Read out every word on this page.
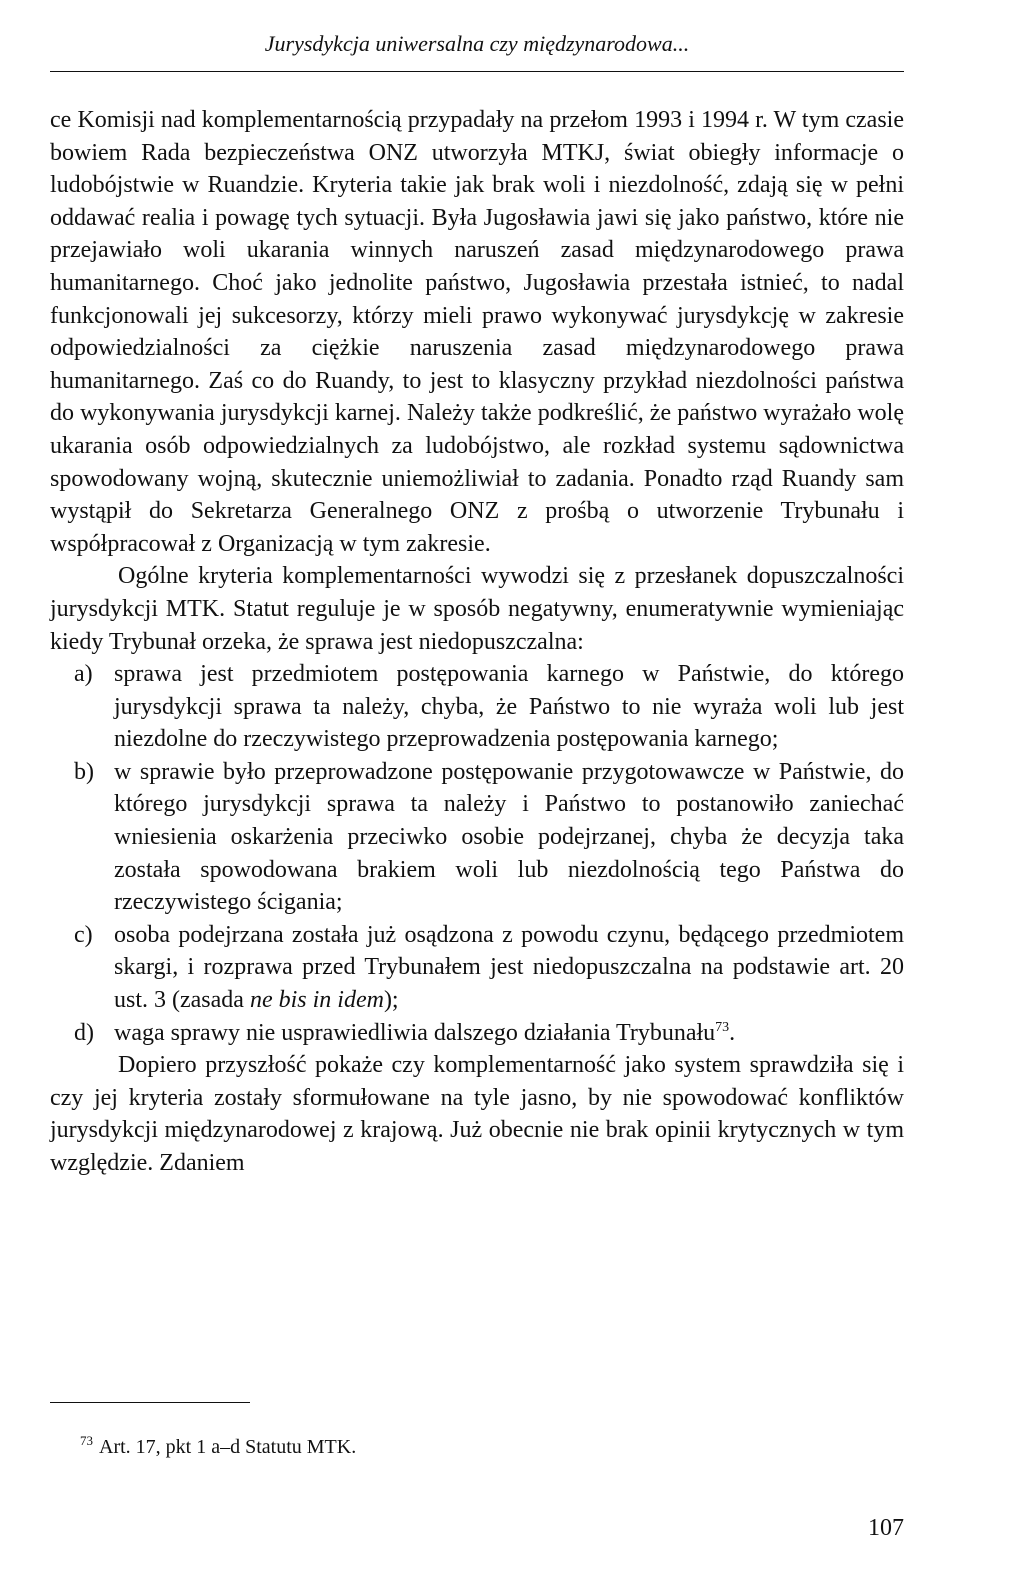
Jurysdykcja uniwersalna czy międzynarodowa...

ce Komisji nad komplementarnością przypadały na przełom 1993 i 1994 r. W tym czasie bowiem Rada bezpieczeństwa ONZ utworzyła MTKJ, świat obiegły informacje o ludobójstwie w Ruandzie. Kryteria takie jak brak woli i niezdolność, zdają się w pełni oddawać realia i powagę tych sytuacji. Była Jugosławia jawi się jako państwo, które nie przejawiało woli ukarania winnych naruszeń zasad międzynarodowego prawa humanitarnego. Choć jako jednolite państwo, Jugosławia przestała istnieć, to nadal funkcjonowali jej sukcesorzy, którzy mieli prawo wykonywać jurysdykcję w zakresie odpowiedzialności za ciężkie naruszenia zasad międzynarodowego prawa humanitarnego. Zaś co do Ruandy, to jest to klasyczny przykład niezdolności państwa do wykonywania jurysdykcji karnej. Należy także podkreślić, że państwo wyrażało wolę ukarania osób odpowiedzialnych za ludobójstwo, ale rozkład systemu sądownictwa spowodowany wojną, skutecznie uniemożliwiał to zadania. Ponadto rząd Ruandy sam wystąpił do Sekretarza Generalnego ONZ z prośbą o utworzenie Trybunału i współpracował z Organizacją w tym zakresie.

Ogólne kryteria komplementarności wywodzi się z przesłanek dopuszczalności jurysdykcji MTK. Statut reguluje je w sposób negatywny, enumeratywnie wymieniając kiedy Trybunał orzeka, że sprawa jest niedopuszczalna:

a) sprawa jest przedmiotem postępowania karnego w Państwie, do którego jurysdykcji sprawa ta należy, chyba, że Państwo to nie wyraża woli lub jest niezdolne do rzeczywistego przeprowadzenia postępowania karnego;
b) w sprawie było przeprowadzone postępowanie przygotowawcze w Państwie, do którego jurysdykcji sprawa ta należy i Państwo to postanowiło zaniechać wniesienia oskarżenia przeciwko osobie podejrzanej, chyba że decyzja taka została spowodowana brakiem woli lub niezdolnością tego Państwa do rzeczywistego ścigania;
c) osoba podejrzana została już osądzona z powodu czynu, będącego przedmiotem skargi, i rozprawa przed Trybunałem jest niedopuszczalna na podstawie art. 20 ust. 3 (zasada ne bis in idem);
d) waga sprawy nie usprawiedliwia dalszego działania Trybunału$^{73}$.

Dopiero przyszłość pokaże czy komplementarność jako system sprawdziła się i czy jej kryteria zostały sformułowane na tyle jasno, by nie spowodować konfliktów jurysdykcji międzynarodowej z krajową. Już obecnie nie brak opinii krytycznych w tym względzie. Zdaniem

$^{73}$ Art. 17, pkt 1 a–d Statutu MTK.
107
